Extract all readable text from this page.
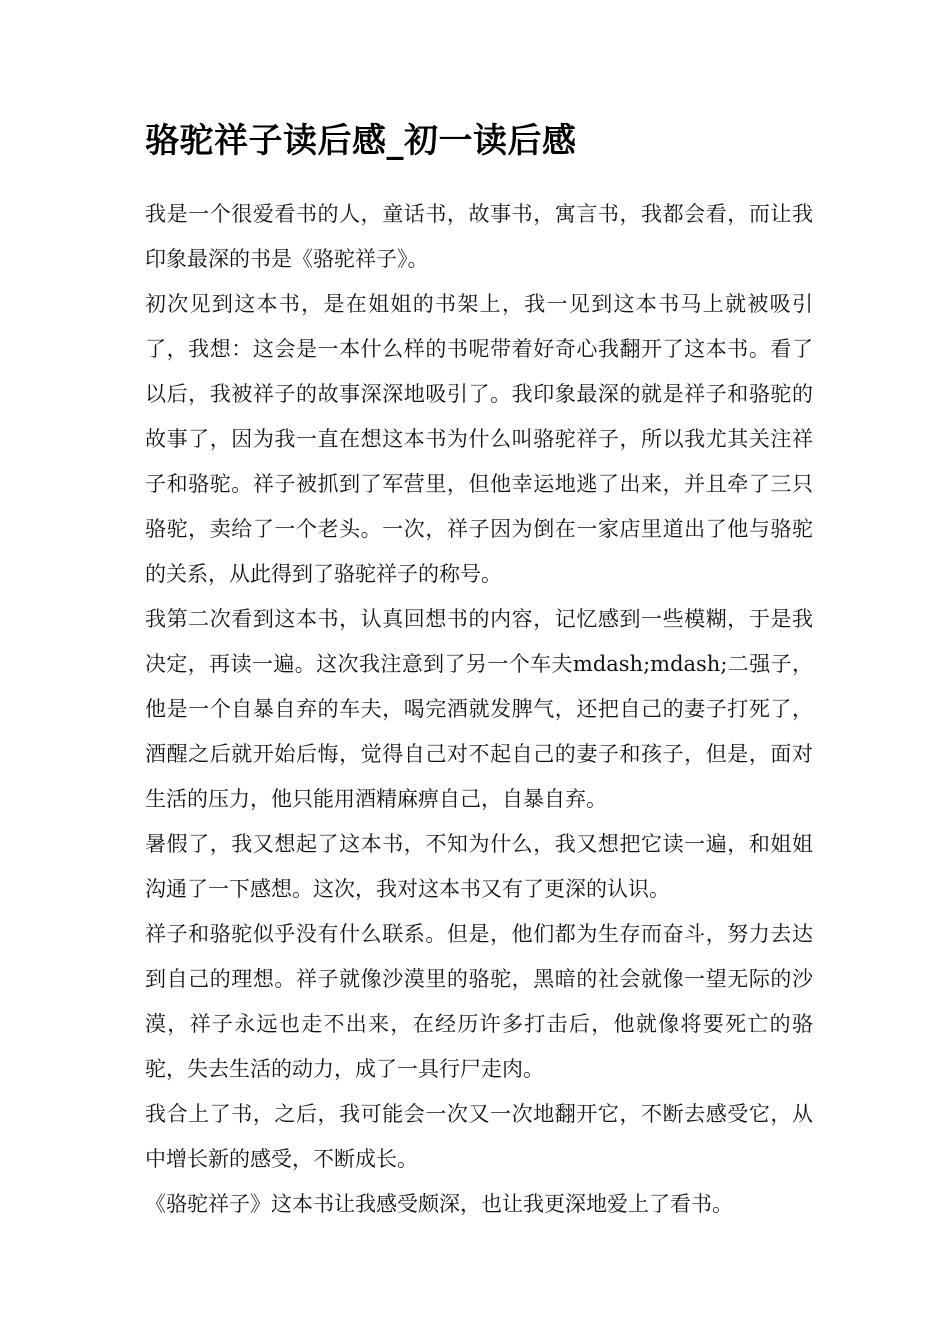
骆驼祥子读后感_初一读后感

我是一个很爱看书的人，童话书，故事书，寓言书，我都会看，而让我印象最深的书是《骆驼祥子》。

初次见到这本书，是在姐姐的书架上，我一见到这本书马上就被吸引了，我想：这会是一本什么样的书呢带着好奇心我翻开了这本书。看了以后，我被祥子的故事深深地吸引了。我印象最深的就是祥子和骆驼的故事了，因为我一直在想这本书为什么叫骆驼祥子，所以我尤其关注祥子和骆驼。祥子被抓到了军营里，但他幸运地逃了出来，并且牵了三只骆驼，卖给了一个老头。一次，祥子因为倒在一家店里道出了他与骆驼的关系，从此得到了骆驼祥子的称号。

我第二次看到这本书，认真回想书的内容，记忆感到一些模糊，于是我决定，再读一遍。这次我注意到了另一个车夫mdash;mdash;二强子，他是一个自暴自弃的车夫，喝完酒就发脾气，还把自己的妻子打死了，酒醒之后就开始后悔，觉得自己对不起自己的妻子和孩子，但是，面对生活的压力，他只能用酒精麻痹自己，自暴自弃。

暑假了，我又想起了这本书，不知为什么，我又想把它读一遍，和姐姐沟通了一下感想。这次，我对这本书又有了更深的认识。

祥子和骆驼似乎没有什么联系。但是，他们都为生存而奋斗，努力去达到自己的理想。祥子就像沙漠里的骆驼，黑暗的社会就像一望无际的沙漠，祥子永远也走不出来，在经历许多打击后，他就像将要死亡的骆驼，失去生活的动力，成了一具行尸走肉。

我合上了书，之后，我可能会一次又一次地翻开它，不断去感受它，从中增长新的感受，不断成长。

《骆驼祥子》这本书让我感受颇深，也让我更深地爱上了看书。
